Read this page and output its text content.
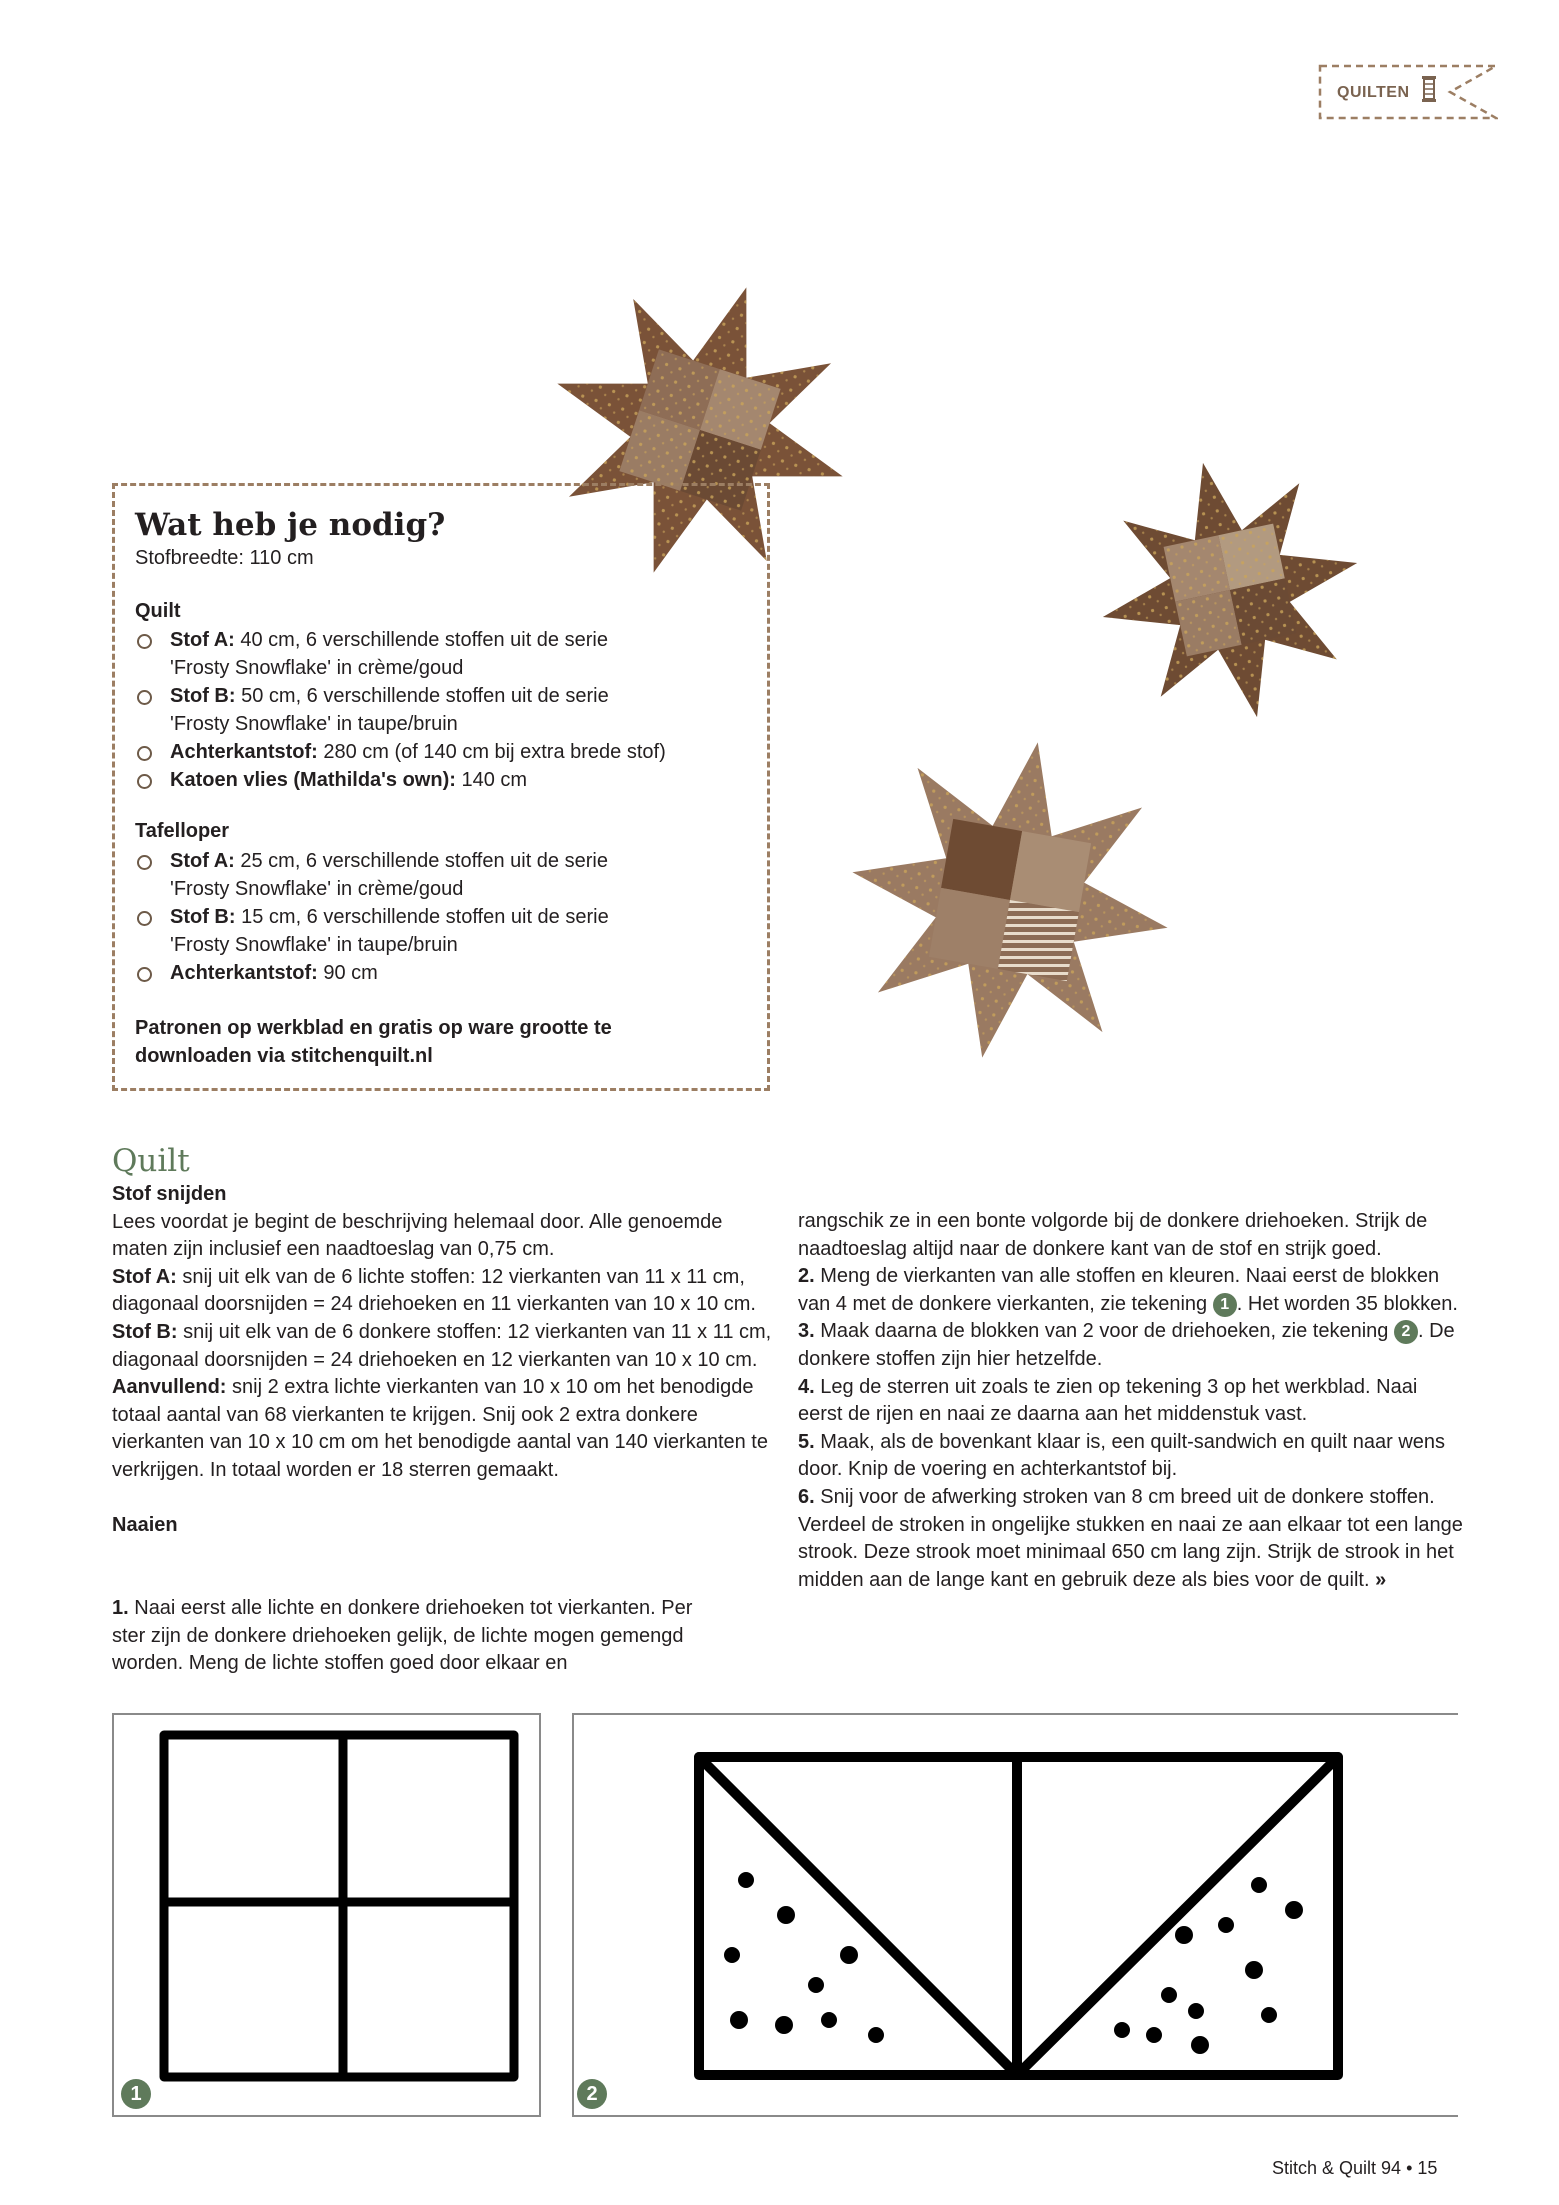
QUILTEN
Wat heb je nodig?
Stofbreedte: 110 cm
Quilt
Stof A: 40 cm, 6 verschillende stoffen uit de serie
'Frosty Snowflake' in crème/goud
Stof B: 50 cm, 6 verschillende stoffen uit de serie
'Frosty Snowflake' in taupe/bruin
Achterkantstof: 280 cm (of 140 cm bij extra brede stof)
Katoen vlies (Mathilda's own): 140 cm
Tafelloper
Stof A: 25 cm, 6 verschillende stoffen uit de serie
'Frosty Snowflake' in crème/goud
Stof B: 15 cm, 6 verschillende stoffen uit de serie
'Frosty Snowflake' in taupe/bruin
Achterkantstof: 90 cm
Patronen op werkblad en gratis op ware grootte te downloaden via stitchenquilt.nl
Quilt

Stof snijden

Lees voordat je begint de beschrijving helemaal door. Alle genoemde maten zijn inclusief een naadtoeslag van 0,75 cm.

Stof A: snij uit elk van de 6 lichte stoffen: 12 vierkanten van 11 x 11 cm, diagonaal doorsnijden = 24 driehoeken en 11 vierkanten van 10 x 10 cm.

Stof B: snij uit elk van de 6 donkere stoffen: 12 vierkanten van 11 x 11 cm, diagonaal doorsnijden = 24 driehoeken en 12 vierkanten van 10 x 10 cm.

Aanvullend: snij 2 extra lichte vierkanten van 10 x 10 om het benodigde totaal aantal van 68 vierkanten te krijgen. Snij ook 2 extra donkere vierkanten van 10 x 10 cm om het benodigde aantal van 140 vierkanten te verkrijgen. In totaal worden er 18 sterren gemaakt.

Naaien

1. Naai eerst alle lichte en donkere driehoeken tot vierkanten. Per ster zijn de donkere driehoeken gelijk, de lichte mogen gemengd worden. Meng de lichte stoffen goed door elkaar en

rangschik ze in een bonte volgorde bij de donkere driehoeken. Strijk de naadtoeslag altijd naar de donkere kant van de stof en strijk goed.

2. Meng de vierkanten van alle stoffen en kleuren. Naai eerst de blokken van 4 met de donkere vierkanten, zie tekening 1 . Het worden 35 blokken.

3. Maak daarna de blokken van 2 voor de driehoeken, zie tekening 2 . De donkere stoffen zijn hier hetzelfde.

4. Leg de sterren uit zoals te zien op tekening 3 op het werkblad. Naai eerst de rijen en naai ze daarna aan het middenstuk vast.

5. Maak, als de bovenkant klaar is, een quilt-sandwich en quilt naar wens door. Knip de voering en achterkantstof bij.

6. Snij voor de afwerking stroken van 8 cm breed uit de donkere stoffen. Verdeel de stroken in ongelijke stukken en naai ze aan elkaar tot een lange strook. Deze strook moet minimaal 650 cm lang zijn. Strijk de strook in het midden aan de lange kant en gebruik deze als bies voor de quilt. »

1	2
Stitch & Quilt 94 • 15
